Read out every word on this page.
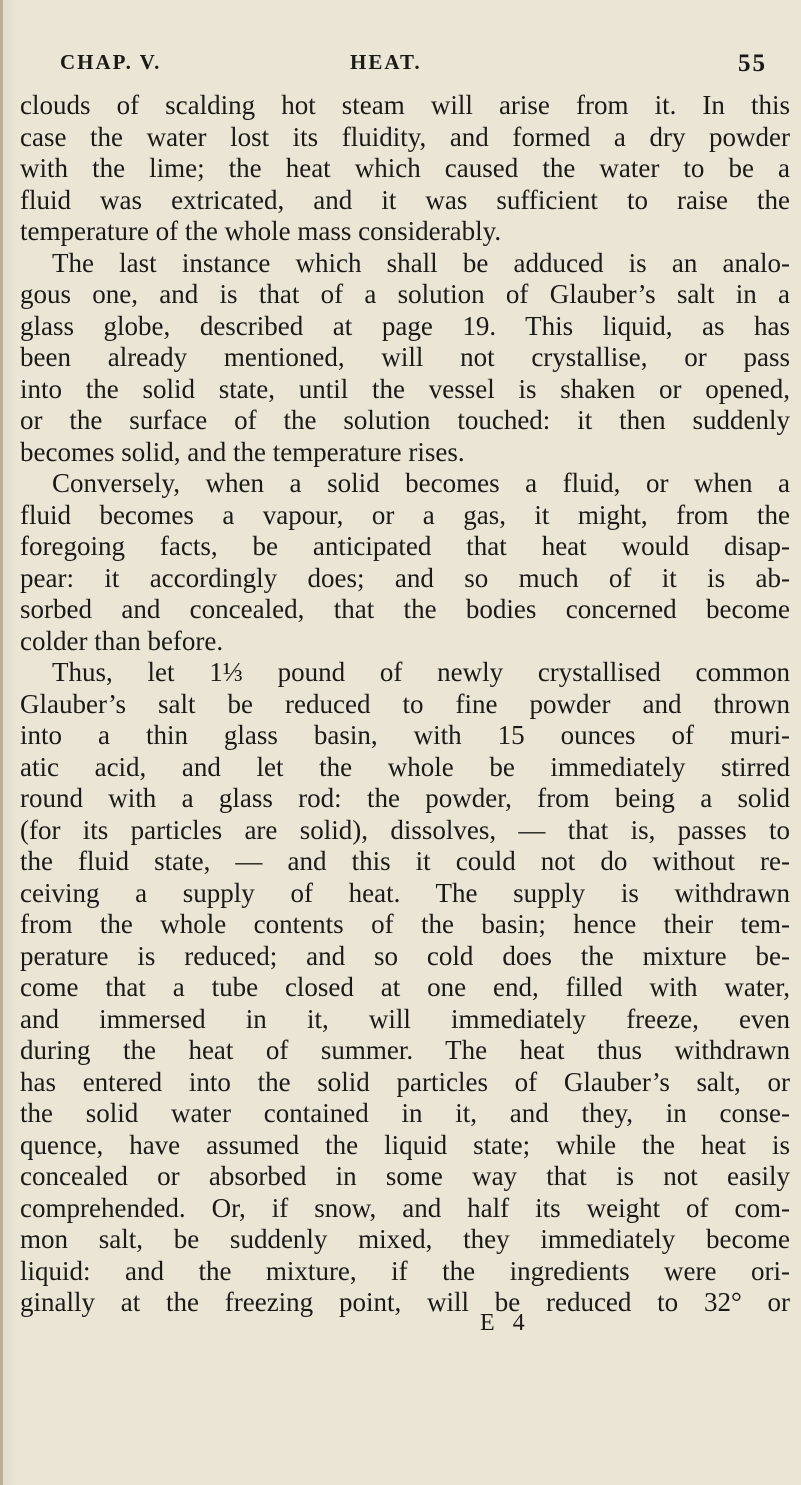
CHAP. V.	HEAT.	55

clouds of scalding hot steam will arise from it. In this

case the water lost its fluidity, and formed a dry powder

with the lime; the heat which caused the water to be a

fluid was extricated, and it was sufficient to raise the

temperature of the whole mass considerably.

The last instance which shall be adduced is an analo-

gous one, and is that of a solution of Glauber’s salt in a

glass globe, described at page 19. This liquid, as has

been already mentioned, will not crystallise, or pass

into the solid state, until the vessel is shaken or opened,

or the surface of the solution touched: it then suddenly

becomes solid, and the temperature rises.

Conversely, when a solid becomes a fluid, or when a

fluid becomes a vapour, or a gas, it might, from the

foregoing facts, be anticipated that heat would disap-

pear: it accordingly does; and so much of it is ab-

sorbed and concealed, that the bodies concerned become

colder than before.

Thus, let 1⅓ pound of newly crystallised common

Glauber’s salt be reduced to fine powder and thrown

into a thin glass basin, with 15 ounces of muri-

atic acid, and let the whole be immediately stirred

round with a glass rod: the powder, from being a solid

(for its particles are solid), dissolves, — that is, passes to

the fluid state, — and this it could not do without re-

ceiving a supply of heat. The supply is withdrawn

from the whole contents of the basin; hence their tem-

perature is reduced; and so cold does the mixture be-

come that a tube closed at one end, filled with water,

and immersed in it, will immediately freeze, even

during the heat of summer. The heat thus withdrawn

has entered into the solid particles of Glauber’s salt, or

the solid water contained in it, and they, in conse-

quence, have assumed the liquid state; while the heat is

concealed or absorbed in some way that is not easily

comprehended. Or, if snow, and half its weight of com-

mon salt, be suddenly mixed, they immediately become

liquid: and the mixture, if the ingredients were ori-

ginally at the freezing point, will be reduced to 32° or

E 4
